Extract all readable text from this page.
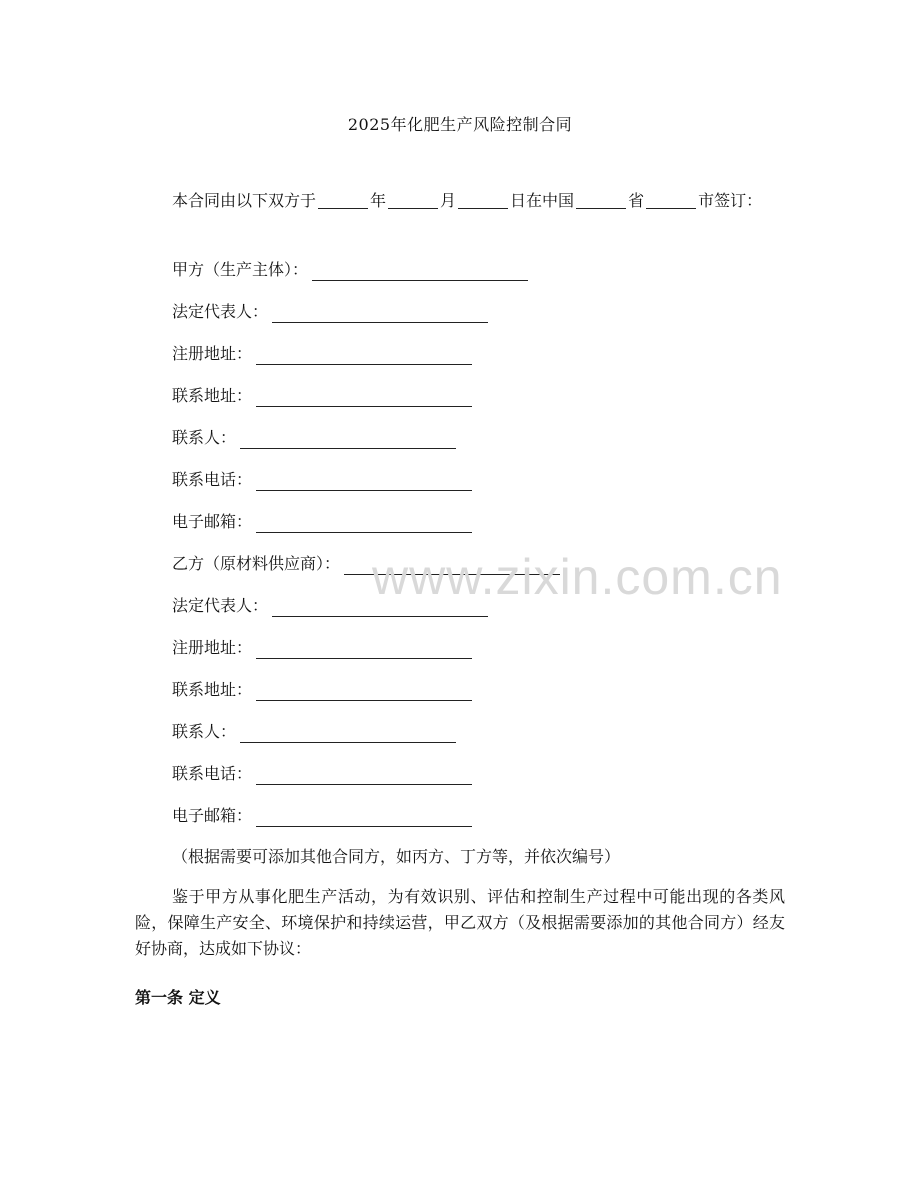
2025年化肥生产风险控制合同
本合同由以下双方于	年	月	日在中国	省	市签订：
甲方（生产主体）：
法定代表人：
注册地址：
联系地址：
联系人：
联系电话：
电子邮箱：
乙方（原材料供应商）：
法定代表人：
注册地址：
联系地址：
联系人：
联系电话：
电子邮箱：
（根据需要可添加其他合同方，如丙方、丁方等，并依次编号）
鉴于甲方从事化肥生产活动，为有效识别、评估和控制生产过程中可能出现的各类风险，保障生产安全、环境保护和持续运营，甲乙双方（及根据需要添加的其他合同方）经友好协商，达成如下协议：
第一条 定义
www.zixin.com.cn
